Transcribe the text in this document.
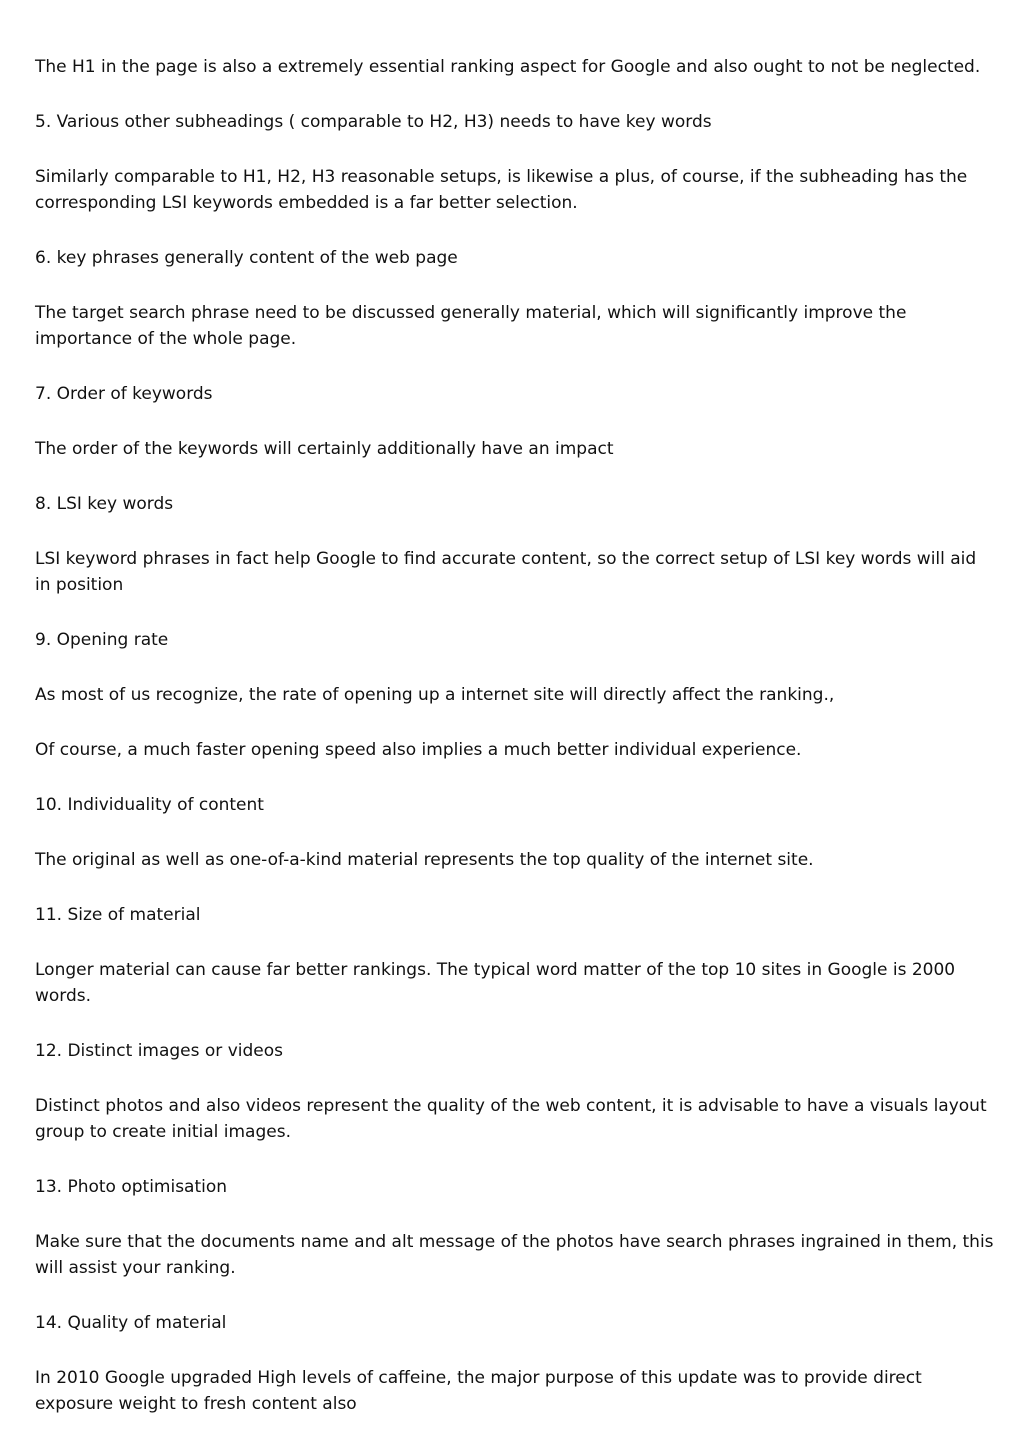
The H1 in the page is also a extremely essential ranking aspect for Google and also ought to not be neglected.

5. Various other subheadings ( comparable to H2, H3) needs to have key words

Similarly comparable to H1, H2, H3 reasonable setups, is likewise a plus, of course, if the subheading has the corresponding LSI keywords embedded is a far better selection.

6. key phrases generally content of the web page

The target search phrase need to be discussed generally material, which will significantly improve the importance of the whole page.

7. Order of keywords

The order of the keywords will certainly additionally have an impact

8. LSI key words

LSI keyword phrases in fact help Google to find accurate content, so the correct setup of LSI key words will aid in position

9. Opening rate

As most of us recognize, the rate of opening up a internet site will directly affect the ranking.,

Of course, a much faster opening speed also implies a much better individual experience.

10. Individuality of content

The original as well as one-of-a-kind material represents the top quality of the internet site.

11. Size of material

Longer material can cause far better rankings. The typical word matter of the top 10 sites in Google is 2000 words.

12. Distinct images or videos

Distinct photos and also videos represent the quality of the web content, it is advisable to have a visuals layout group to create initial images.

13. Photo optimisation

Make sure that the documents name and alt message of the photos have search phrases ingrained in them, this will assist your ranking.

14. Quality of material

In 2010 Google upgraded High levels of caffeine, the major purpose of this update was to provide direct exposure weight to fresh content also
